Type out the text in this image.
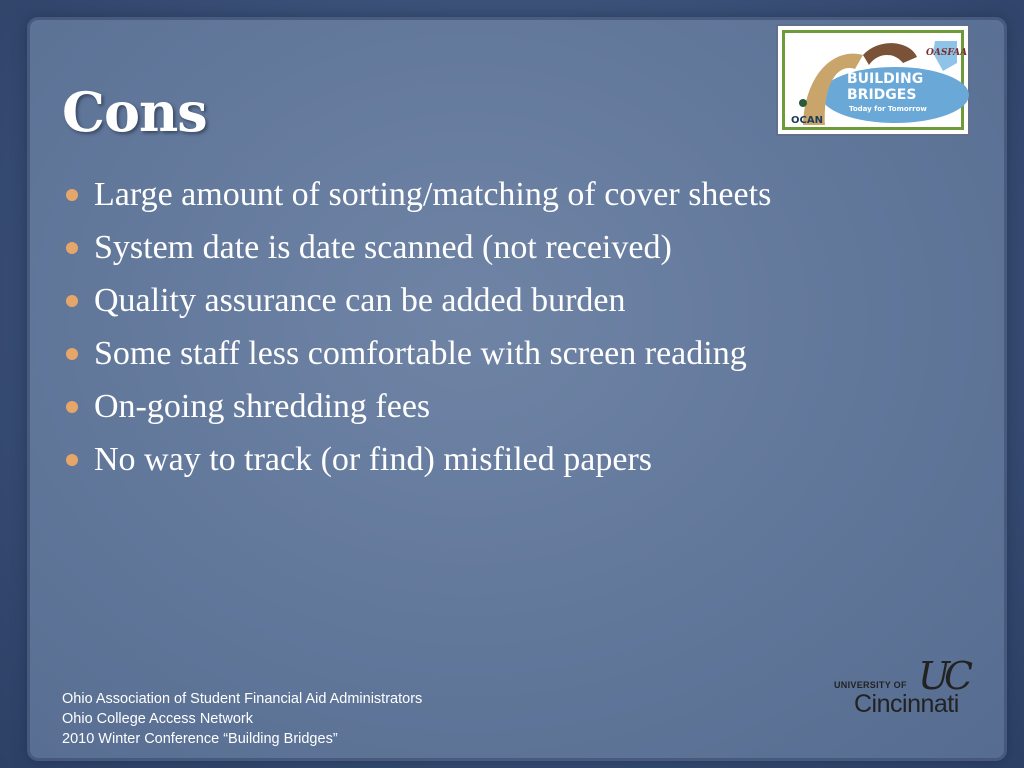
Cons
Large amount of sorting/matching of cover sheets
System date is date scanned (not received)
Quality assurance can be added burden
Some staff less comfortable with screen reading
On-going shredding fees
No way to track (or find) misfiled papers
Ohio Association of Student Financial Aid Administrators
Ohio College Access Network
2010 Winter Conference “Building Bridges”
OASFAA
BUILDING
BRIDGES
Today for Tomorrow
OCAN
UNIVERSITY OF
Cincinnati
UC
